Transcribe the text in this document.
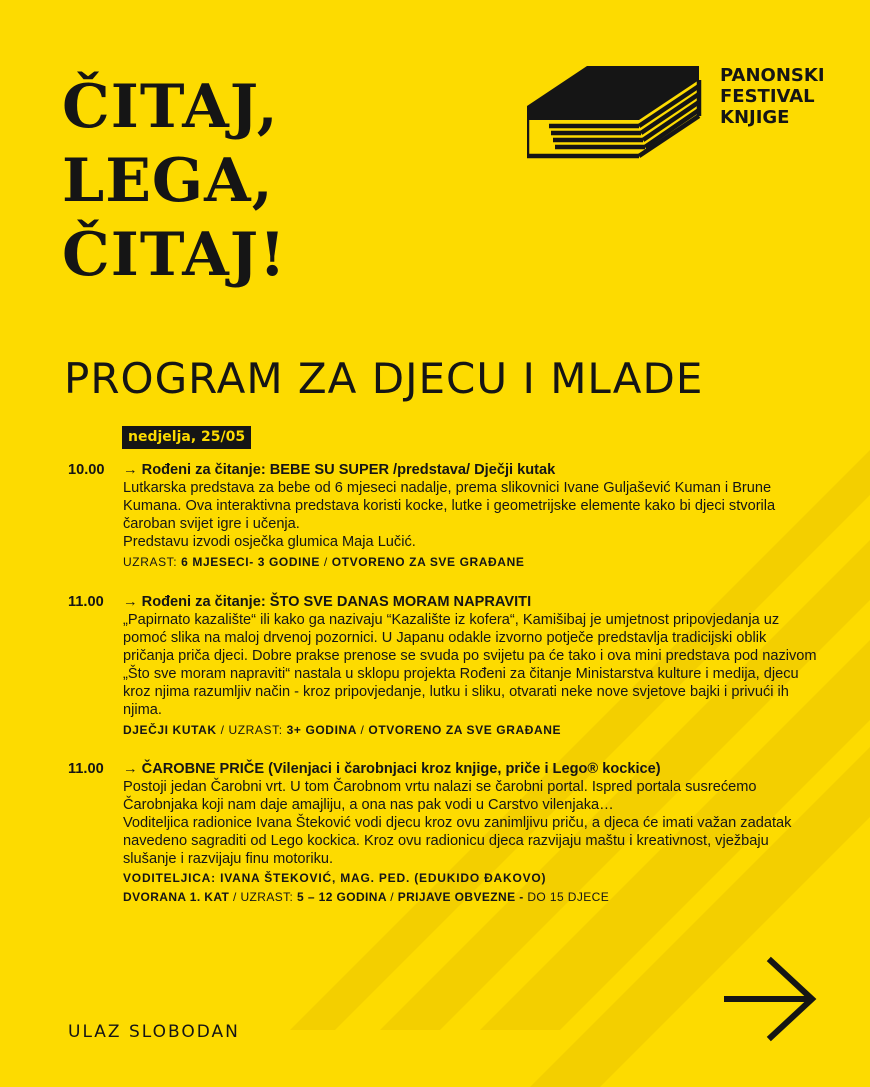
ČITAJ,
LEGA,
ČITAJ!
PANONSKI
FESTIVAL
KNJIGE
PROGRAM ZA DJECU I MLADE
nedjelja, 25/05
10.00 → Rođeni za čitanje: BEBE SU SUPER /predstava/ Dječji kutak
Lutkarska predstava za bebe od 6 mjeseci nadalje, prema slikovnici Ivane Guljašević Kuman i Brune
Kumana. Ova interaktivna predstava koristi kocke, lutke i geometrijske elemente kako bi djeci stvorila
čaroban svijet igre i učenja.
Predstavu izvodi osječka glumica Maja Lučić.
UZRAST: 6 MJESECI- 3 GODINE / OTVORENO ZA SVE GRAĐANE
11.00 → Rođeni za čitanje: ŠTO SVE DANAS MORAM NAPRAVITI
„Papirnato kazalište“ ili kako ga nazivaju “Kazalište iz kofera“, Kamišibaj je umjetnost pripovjedanja uz
pomoć slika na maloj drvenoj pozornici. U Japanu odakle izvorno potječe predstavlja tradicijski oblik
pričanja priča djeci. Dobre prakse prenose se svuda po svijetu pa će tako i ova mini predstava pod nazivom
„Što sve moram napraviti“ nastala u sklopu projekta Rođeni za čitanje Ministarstva kulture i medija, djecu
kroz njima razumljiv način - kroz pripovjedanje, lutku i sliku, otvarati neke nove svjetove bajki i privući ih
njima.
DJEČJI KUTAK / UZRAST: 3+ GODINA / OTVORENO ZA SVE GRAĐANE
11.00 → ČAROBNE PRIČE (Vilenjaci i čarobnjaci kroz knjige, priče i Lego® kockice)
Postoji jedan Čarobni vrt. U tom Čarobnom vrtu nalazi se čarobni portal. Ispred portala susrećemo
Čarobnjaka koji nam daje amajliju, a ona nas pak vodi u Carstvo vilenjaka…
Voditeljica radionice Ivana Šteković vodi djecu kroz ovu zanimljivu priču, a djeca će imati važan zadatak
navedeno sagraditi od Lego kockica. Kroz ovu radionicu djeca razvijaju maštu i kreativnost, vježbaju
slušanje i razvijaju finu motoriku.
VODITELJICA: IVANA ŠTEKOVIĆ, MAG. PED. (EDUKIDO ĐAKOVO)
DVORANA 1. KAT / UZRAST: 5 – 12 GODINA / PRIJAVE OBVEZNE - DO 15 DJECE
ULAZ SLOBODAN
